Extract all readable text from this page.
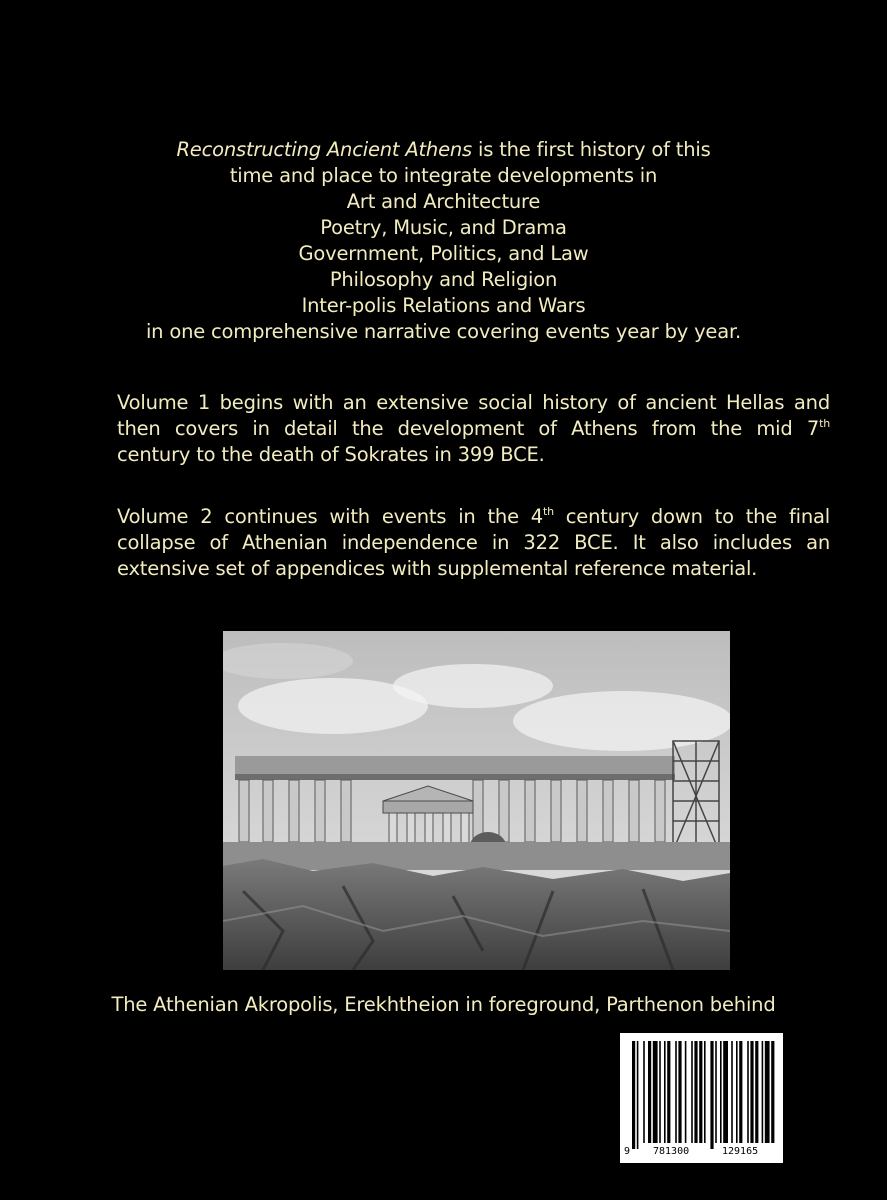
Reconstructing Ancient Athens is the first history of this
time and place to integrate developments in
Art and Architecture
Poetry, Music, and Drama
Government, Politics, and Law
Philosophy and Religion
Inter-polis Relations and Wars
in one comprehensive narrative covering events year by year.
Volume 1 begins with an extensive social history of ancient Hellas and
then covers in detail the development of Athens from the mid 7th
century to the death of Sokrates in 399 BCE.
Volume 2 continues with events in the 4th century down to the final
collapse of Athenian independence in 322 BCE. It also includes an
extensive set of appendices with supplemental reference material.
The Athenian Akropolis, Erekhtheion in foreground, Parthenon behind
9 781300	129165
